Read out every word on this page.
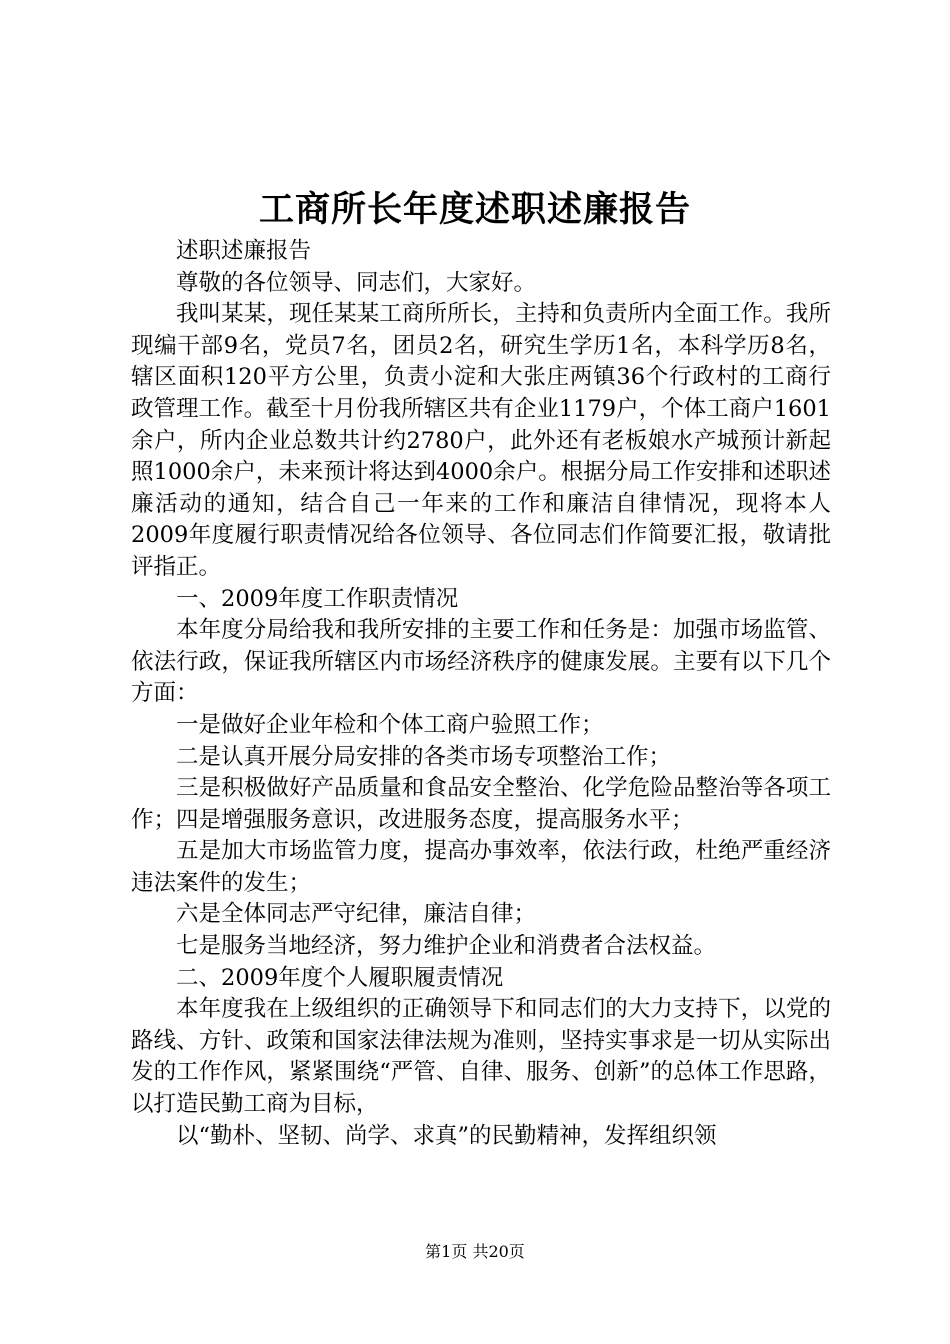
工商所长年度述职述廉报告

述职述廉报告

尊敬的各位领导、同志们，大家好。

我叫某某，现任某某工商所所长，主持和负责所内全面工作。我所现编干部9名，党员7名，团员2名，研究生学历1名，本科学历8名，辖区面积120平方公里，负责小淀和大张庄两镇36个行政村的工商行政管理工作。截至十月份我所辖区共有企业1179户，个体工商户1601余户，所内企业总数共计约2780户，此外还有老板娘水产城预计新起照1000余户，未来预计将达到4000余户。根据分局工作安排和述职述廉活动的通知，结合自己一年来的工作和廉洁自律情况，现将本人2009年度履行职责情况给各位领导、各位同志们作简要汇报，敬请批评指正。

一、2009年度工作职责情况

本年度分局给我和我所安排的主要工作和任务是：加强市场监管、依法行政，保证我所辖区内市场经济秩序的健康发展。主要有以下几个方面：

一是做好企业年检和个体工商户验照工作；

二是认真开展分局安排的各类市场专项整治工作；

三是积极做好产品质量和食品安全整治、化学危险品整治等各项工作；四是增强服务意识，改进服务态度，提高服务水平；

五是加大市场监管力度，提高办事效率，依法行政，杜绝严重经济违法案件的发生；

六是全体同志严守纪律，廉洁自律；

七是服务当地经济，努力维护企业和消费者合法权益。

二、2009年度个人履职履责情况

本年度我在上级组织的正确领导下和同志们的大力支持下，以党的路线、方针、政策和国家法律法规为准则，坚持实事求是一切从实际出发的工作作风，紧紧围绕“严管、自律、服务、创新”的总体工作思路，以打造民勤工商为目标，

以“勤朴、坚韧、尚学、求真”的民勤精神，发挥组织领

第1页 共20页
